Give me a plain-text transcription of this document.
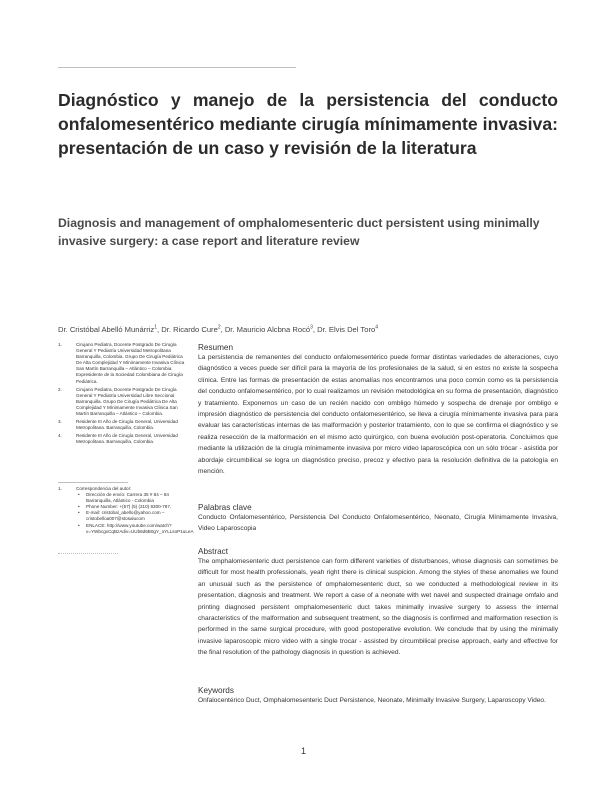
Diagnóstico y manejo de la persistencia del conducto onfalomesentérico mediante cirugía mínimamente invasiva: presentación de un caso y revisión de la literatura
Diagnosis and management of omphalomesenteric duct persistent using minimally invasive surgery: a case report and literature review
Dr. Cristóbal Abelló Munárriz$^1$, Dr. Ricardo Cure$^2$, Dr. Mauricio Alcbna Rocó$^3$, Dr. Elvis Del Toro$^4$
1.	Cirujano Pediatra, Docente Postgrado De Cirugía General Y Pediatría Universidad Metropolitana Barranquilla, Colombia. Grupo De Cirugía Pediátrica De Alta Complejidad Y Mínimamente Invasiva Clínica San Martín Barranquilla – Atlántico – Colombia. Expresidente de la Sociedad Colombiana de Cirugía Pediátrica.
2.	Cirujano Pediatra, Docente Postgrado De Cirugía General Y Pediatría Universidad Libre Seccional Barranquilla. Grupo De Cirugía Pediátrica De Alta Complejidad Y Mínimamente Invasiva Clínica San Martín Barranquilla – Atlántico – Colombia.
3.	Residente III Año de Cirugía General, Universidad Metropolitana. Barranquilla, Colombia.
4.	Residente III Año de Cirugía General, Universidad Metropolitana. Barranquilla, Colombia.
1.	Correspondencia del autor:
• Dirección de envío: Carrera 35 # 84 – 84 Barranquilla, Atlántico - Colombia
• Phone Number: +(57) (5) (310) 8300-787,
• E-mail: cristobal_abello@yahoo.com – cristobelloa007@stosalucom
• ENLACE: http://www.youtube.com/watch?v=YWbcgxCqBzAdiv=UUb6d6B0gY_oYLLsoP1uLeA
Resumen

La persistencia de remanentes del conducto onfalomesentérico puede formar distintas variedades de alteraciones, cuyo diagnóstico a veces puede ser difícil para la mayoría de los profesionales de la salud, si en estos no existe la sospecha clínica. Entre las formas de presentación de estas anomalías nos encontramos una poco común como es la persistencia del conducto onfalomesentérico, por lo cual realizamos un revisión metodológica en su forma de presentación, diagnóstico y tratamiento. Exponemos un caso de un recién nacido con ombligo húmedo y sospecha de drenaje por ombligo e impresión diagnóstico de persistencia del conducto onfalomesentérico, se lleva a cirugía mínimamente invasiva para para evaluar las características internas de las malformación y posterior tratamiento, con lo que se confirma el diagnóstico y se realiza resección de la malformación en el mismo acto quirúrgico, con buena evolución post-operatoria. Concluimos que mediante la utilización de la cirugía mínimamente invasiva por micro video laparoscópica con un sólo trócar - asistida por abordaje circumbilical se logra un diagnóstico preciso, precoz y efectivo para la resolución definitiva de la patología en mención.

Palabras clave

Conducto Onfalomesentérico, Persistencia Del Conducto Onfalomesentérico, Neonato, Cirugía Mínimamente Invasiva, Video Laparoscopia

Abstract

The omphalomesenteric duct persistence can form different varieties of disturbances, whose diagnosis can sometimes be difficult for most health professionals, yeah right there is clinical suspicion. Among the styles of these anomalies we found an unusual such as the persistence of omphalomesenteric duct, so we conducted a methodological review in its presentation, diagnosis and treatment. We report a case of a neonate with wet navel and suspected drainage omfalo and printing diagnosed persistent omphalomesenteric duct takes minimally invasive surgery to assess the internal characteristics of the malformation and subsequent treatment, so the diagnosis is confirmed and malformation resection is performed in the same surgical procedure, with good postoperative evolution. We conclude that by using the minimally invasive laparoscopic micro video with a single trocar - assisted by circumbilical precise approach, early and effective for the final resolution of the pathology diagnosis in question is achieved.

Keywords

Onfalocentérico Duct, Omphalomesenteric Duct Persistence, Neonate, Minimally Invasive Surgery, Laparoscopy Video.

1
